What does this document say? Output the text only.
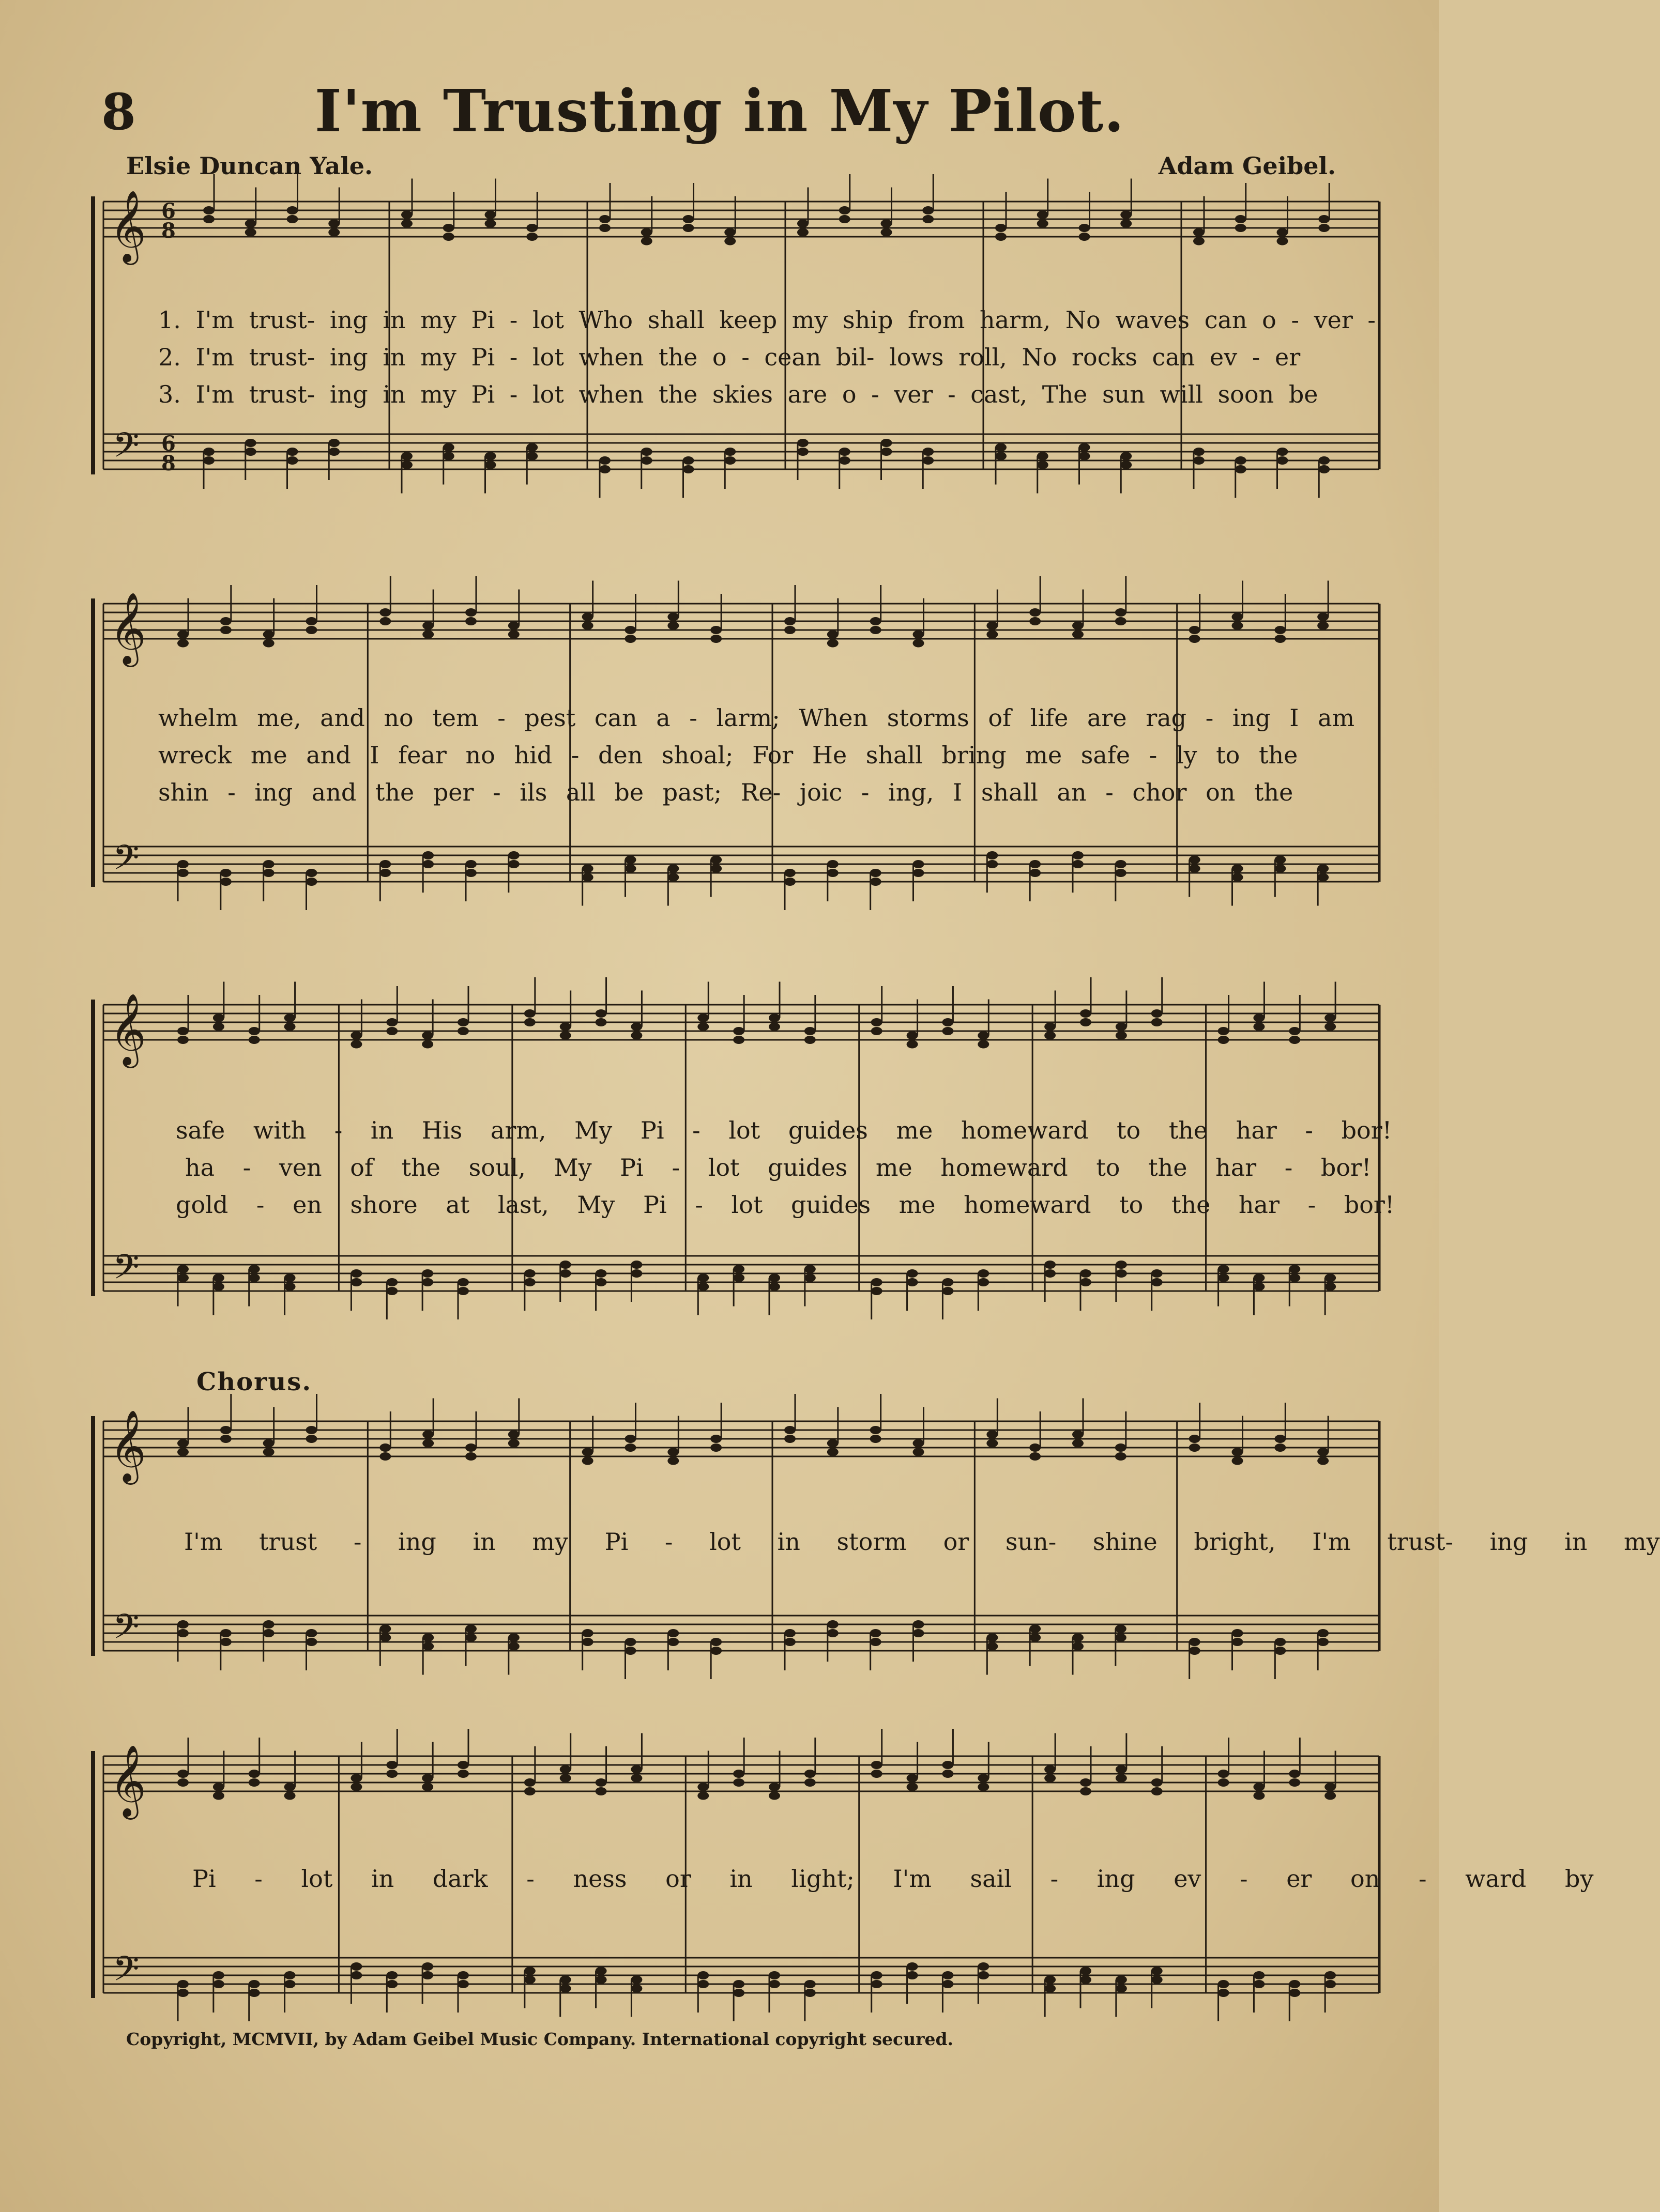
8	I'm Trusting in My Pilot.
Elsie Duncan Yale.	Adam Geibel.
𝄞
𝄢
6
8
6
8
1. I'm trust- ing in my Pi - lot Who shall keep my ship from harm, No waves can o - ver -
2. I'm trust- ing in my Pi - lot when the o - cean bil- lows roll, No rocks can ev - er
3. I'm trust- ing in my Pi - lot when the skies are o - ver - cast, The sun will soon be
𝄞
𝄢
whelm me, and no tem - pest can a - larm; When storms of life are rag - ing I am
wreck me and I fear no hid - den shoal; For He shall bring me safe - ly to the
shin - ing and the per - ils all be past; Re- joic - ing, I shall an - chor on the
𝄞
𝄢
safe with - in His arm, My Pi - lot guides me homeward to the har - bor!
ha - ven of the soul, My Pi - lot guides me homeward to the har - bor!
gold - en shore at last, My Pi - lot guides me homeward to the har - bor!
Chorus.
𝄞
𝄢
I'm trust - ing in my Pi - lot in storm or sun- shine bright, I'm trust- ing in my
𝄞
𝄢
Pi - lot in dark - ness or in light; I'm sail - ing ev - er on - ward by
Copyright, MCMVII, by Adam Geibel Music Company. International copyright secured.
